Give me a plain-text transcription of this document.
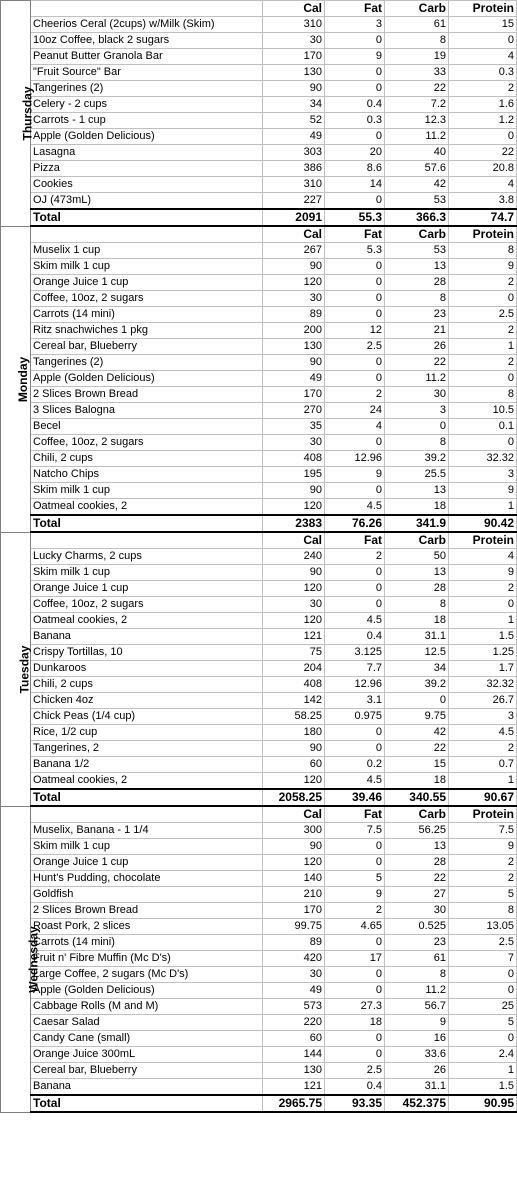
Thursday		Cal	Fat	Carb	Protein
	Cheerios Ceral (2cups) w/Milk (Skim)	310	3	61	15
	10oz Coffee, black 2 sugars	30	0	8	0
	Peanut Butter Granola Bar	170	9	19	4
	"Fruit Source" Bar	130	0	33	0.3
	Tangerines (2)	90	0	22	2
	Celery - 2 cups	34	0.4	7.2	1.6
	Carrots - 1 cup	52	0.3	12.3	1.2
	Apple (Golden Delicious)	49	0	11.2	0
	Lasagna	303	20	40	22
	Pizza	386	8.6	57.6	20.8
	Cookies	310	14	42	4
	OJ (473mL)	227	0	53	3.8
	Total	2091	55.3	366.3	74.7
Monday		Cal	Fat	Carb	Protein
	Muselix 1 cup	267	5.3	53	8
	Skim milk 1 cup	90	0	13	9
	Orange Juice 1 cup	120	0	28	2
	Coffee, 10oz, 2 sugars	30	0	8	0
	Carrots (14 mini)	89	0	23	2.5
	Ritz snachwiches 1 pkg	200	12	21	2
	Cereal bar, Blueberry	130	2.5	26	1
	Tangerines (2)	90	0	22	2
	Apple (Golden Delicious)	49	0	11.2	0
	2 Slices Brown Bread	170	2	30	8
	3 Slices Balogna	270	24	3	10.5
	Becel	35	4	0	0.1
	Coffee, 10oz, 2 sugars	30	0	8	0
	Chili, 2 cups	408	12.96	39.2	32.32
	Natcho Chips	195	9	25.5	3
	Skim milk 1 cup	90	0	13	9
	Oatmeal cookies, 2	120	4.5	18	1
	Total	2383	76.26	341.9	90.42
Tuesday		Cal	Fat	Carb	Protein
	Lucky Charms, 2 cups	240	2	50	4
	Skim milk 1 cup	90	0	13	9
	Orange Juice 1 cup	120	0	28	2
	Coffee, 10oz, 2 sugars	30	0	8	0
	Oatmeal cookies, 2	120	4.5	18	1
	Banana	121	0.4	31.1	1.5
	Crispy Tortillas, 10	75	3.125	12.5	1.25
	Dunkaroos	204	7.7	34	1.7
	Chili, 2 cups	408	12.96	39.2	32.32
	Chicken 4oz	142	3.1	0	26.7
	Chick Peas (1/4 cup)	58.25	0.975	9.75	3
	Rice, 1/2 cup	180	0	42	4.5
	Tangerines, 2	90	0	22	2
	Banana 1/2	60	0.2	15	0.7
	Oatmeal cookies, 2	120	4.5	18	1
	Total	2058.25	39.46	340.55	90.67
Wednesday		Cal	Fat	Carb	Protein
	Muselix, Banana - 1 1/4	300	7.5	56.25	7.5
	Skim milk 1 cup	90	0	13	9
	Orange Juice 1 cup	120	0	28	2
	Hunt's Pudding, chocolate	140	5	22	2
	Goldfish	210	9	27	5
	2 Slices Brown Bread	170	2	30	8
	Roast Pork, 2 slices	99.75	4.65	0.525	13.05
	Carrots (14 mini)	89	0	23	2.5
	Fruit n' Fibre Muffin (Mc D's)	420	17	61	7
	Large Coffee, 2 sugars (Mc D's)	30	0	8	0
	Apple (Golden Delicious)	49	0	11.2	0
	Cabbage Rolls (M and M)	573	27.3	56.7	25
	Caesar Salad	220	18	9	5
	Candy Cane (small)	60	0	16	0
	Orange Juice 300mL	144	0	33.6	2.4
	Cereal bar, Blueberry	130	2.5	26	1
	Banana	121	0.4	31.1	1.5
	Total	2965.75	93.35	452.375	90.95
